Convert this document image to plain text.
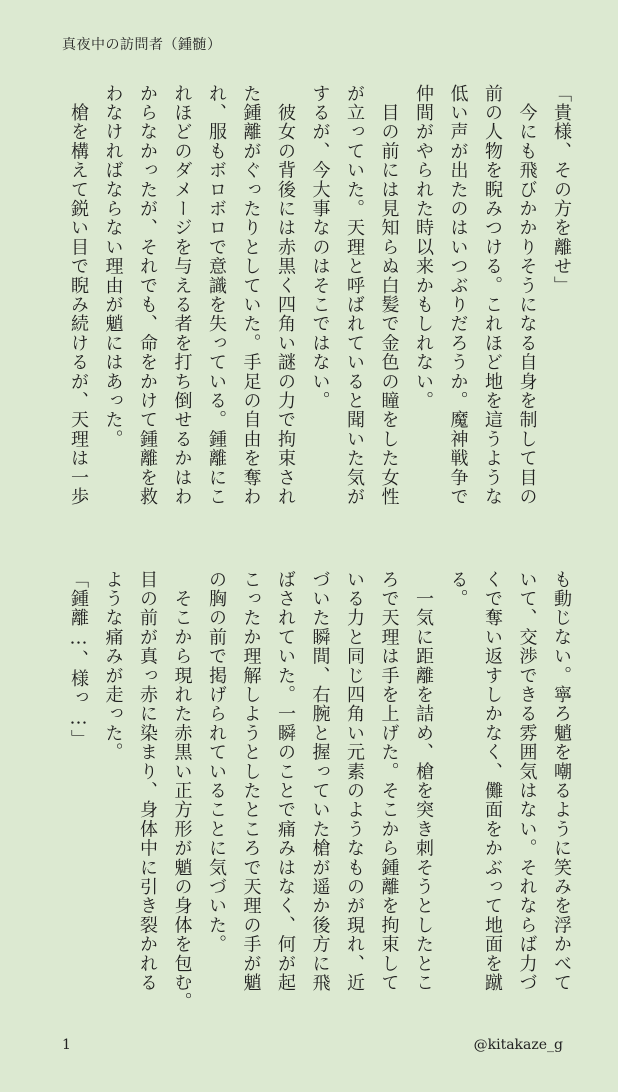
真夜中の訪問者（鍾髄）
「貴様、その方を離せ」
　今にも飛びかかりそうになる自身を制して目の
前の人物を睨みつける。これほど地を這うような
低い声が出たのはいつぶりだろうか。魔神戦争で
仲間がやられた時以来かもしれない。
　目の前には見知らぬ白髪で金色の瞳をした女性
が立っていた。天理と呼ばれていると聞いた気が
するが、今大事なのはそこではない。
　彼女の背後には赤黒く四角い謎の力で拘束され
た鍾離がぐったりとしていた。手足の自由を奪わ
れ、服もボロボロで意識を失っている。鍾離にこ
れほどのダメージを与える者を打ち倒せるかはわ
からなかったが、それでも、命をかけて鍾離を救
わなければならない理由が魈にはあった。
　槍を構えて鋭い目で睨み続けるが、天理は一歩
も動じない。寧ろ魈を嘲るように笑みを浮かべて
いて、交渉できる雰囲気はない。それならば力づ
くで奪い返すしかなく、儺面をかぶって地面を蹴
る。
　一気に距離を詰め、槍を突き刺そうとしたとこ
ろで天理は手を上げた。そこから鍾離を拘束して
いる力と同じ四角い元素のようなものが現れ、近
づいた瞬間、右腕と握っていた槍が遥か後方に飛
ばされていた。一瞬のことで痛みはなく、何が起
こったか理解しようとしたところで天理の手が魈
の胸の前で掲げられていることに気づいた。
　そこから現れた赤黒い正方形が魈の身体を包む。
目の前が真っ赤に染まり、身体中に引き裂かれる
ような痛みが走った。
「鍾離…、様っ…」
1	@kitakaze_g
